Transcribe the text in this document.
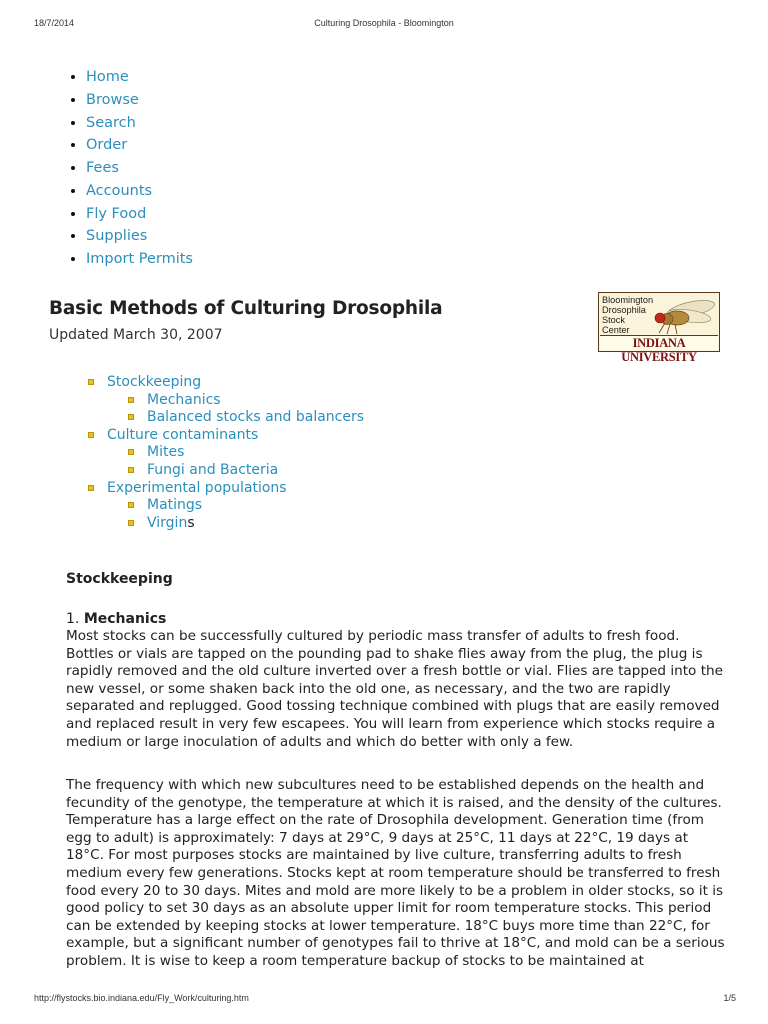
18/7/2014	Culturing Drosophila - Bloomington
• Home
• Browse
• Search
• Order
• Fees
• Accounts
• Fly Food
• Supplies
• Import Permits
Basic Methods of Culturing Drosophila
Updated March 30, 2007
Bloomington
Drosophila
Stock
Center
INDIANA UNIVERSITY
Stockkeeping
Mechanics
Balanced stocks and balancers
Culture contaminants
Mites
Fungi and Bacteria
Experimental populations
Matings
Virgins
Stockkeeping
1. Mechanics

Most stocks can be successfully cultured by periodic mass transfer of adults to fresh food. Bottles or vials are tapped on the pounding pad to shake flies away from the plug, the plug is rapidly removed and the old culture inverted over a fresh bottle or vial. Flies are tapped into the new vessel, or some shaken back into the old one, as necessary, and the two are rapidly separated and replugged. Good tossing technique combined with plugs that are easily removed and replaced result in very few escapees. You will learn from experience which stocks require a medium or large inoculation of adults and which do better with only a few.

The frequency with which new subcultures need to be established depends on the health and fecundity of the genotype, the temperature at which it is raised, and the density of the cultures. Temperature has a large effect on the rate of Drosophila development. Generation time (from egg to adult) is approximately: 7 days at 29°C, 9 days at 25°C, 11 days at 22°C, 19 days at 18°C. For most purposes stocks are maintained by live culture, transferring adults to fresh medium every few generations. Stocks kept at room temperature should be transferred to fresh food every 20 to 30 days. Mites and mold are more likely to be a problem in older stocks, so it is good policy to set 30 days as an absolute upper limit for room temperature stocks. This period can be extended by keeping stocks at lower temperature. 18°C buys more time than 22°C, for example, but a significant number of genotypes fail to thrive at 18°C, and mold can be a serious problem. It is wise to keep a room temperature backup of stocks to be maintained at

http://flystocks.bio.indiana.edu/Fly_Work/culturing.htm	1/5
